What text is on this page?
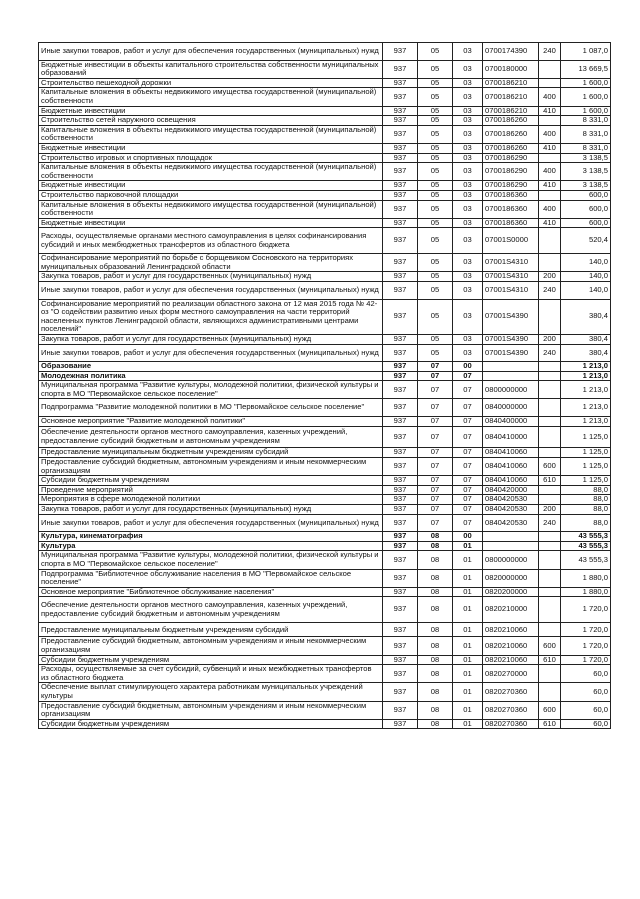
Иные закупки товаров, работ и услуг для обеспечения государственных (муниципальных) нужд	937	05	03	0700174390	240	1 087,0
Бюджетные инвестиции в объекты капитального строительства собственности муниципальных образований	937	05	03	0700180000		13 669,5
Строительство пешеходной дорожки	937	05	03	0700186210		1 600,0
Капитальные вложения в объекты недвижимого имущества государственной (муниципальной) собственности	937	05	03	0700186210	400	1 600,0
Бюджетные инвестиции	937	05	03	0700186210	410	1 600,0
Строительство сетей наружного освещения	937	05	03	0700186260		8 331,0
Капитальные вложения в объекты недвижимого имущества государственной (муниципальной) собственности	937	05	03	0700186260	400	8 331,0
Бюджетные инвестиции	937	05	03	0700186260	410	8 331,0
Строительство игровых и спортивных площадок	937	05	03	0700186290		3 138,5
Капитальные вложения в объекты недвижимого имущества государственной (муниципальной) собственности	937	05	03	0700186290	400	3 138,5
Бюджетные инвестиции	937	05	03	0700186290	410	3 138,5
Строительство парковочной площадки	937	05	03	0700186360		600,0
Капитальные вложения в объекты недвижимого имущества государственной (муниципальной) собственности	937	05	03	0700186360	400	600,0
Бюджетные инвестиции	937	05	03	0700186360	410	600,0
Расходы, осуществляемые органами местного самоуправления в целях софинансирования субсидий и иных межбюджетных трансфертов из областного бюджета	937	05	03	07001S0000		520,4
Софинансирование мероприятий по борьбе с борщевиком Сосновского на территориях муниципальных образований Ленинградской области	937	05	03	07001S4310		140,0
Закупка товаров, работ и услуг для государственных (муниципальных) нужд	937	05	03	07001S4310	200	140,0
Иные закупки товаров, работ и услуг для обеспечения государственных (муниципальных) нужд	937	05	03	07001S4310	240	140,0
Софинансирование мероприятий по реализации областного закона от 12 мая 2015 года № 42-оз "О содействии развитию иных форм местного самоуправления на части территорий населенных пунктов Ленинградской области, являющихся административными центрами поселений"	937	05	03	07001S4390		380,4
Закупка товаров, работ и услуг для государственных (муниципальных) нужд	937	05	03	07001S4390	200	380,4
Иные закупки товаров, работ и услуг для обеспечения государственных (муниципальных) нужд	937	05	03	07001S4390	240	380,4
Образование	937	07	00			1 213,0
Молодежная политика	937	07	07			1 213,0
Муниципальная программа "Развитие культуры, молодежной политики, физической культуры и спорта в МО "Первомайское сельское поселение"	937	07	07	0800000000		1 213,0
Подпрограмма "Развитие молодежной политики в МО "Первомайское сельское поселение"	937	07	07	0840000000		1 213,0
Основное мероприятие "Развитие молодежной политики"	937	07	07	0840400000		1 213,0
Обеспечение деятельности органов местного самоуправления, казенных учреждений, предоставление субсидий бюджетным и автономным учреждениям	937	07	07	0840410000		1 125,0
Предоставление муниципальным бюджетным учреждениям субсидий	937	07	07	0840410060		1 125,0
Предоставление субсидий бюджетным, автономным учреждениям и иным некоммерческим организациям	937	07	07	0840410060	600	1 125,0
Субсидии бюджетным учреждениям	937	07	07	0840410060	610	1 125,0
Проведение мероприятий	937	07	07	0840420000		88,0
Мероприятия в сфере молодежной политики	937	07	07	0840420530		88,0
Закупка товаров, работ и услуг для государственных (муниципальных) нужд	937	07	07	0840420530	200	88,0
Иные закупки товаров, работ и услуг для обеспечения государственных (муниципальных) нужд	937	07	07	0840420530	240	88,0
Культура, кинематография	937	08	00			43 555,3
Культура	937	08	01			43 555,3
Муниципальная программа "Развитие культуры, молодежной политики, физической культуры и спорта в МО "Первомайское сельское поселение"	937	08	01	0800000000		43 555,3
Подпрограмма "Библиотечное обслуживание населения в МО "Первомайское сельское поселение"	937	08	01	0820000000		1 880,0
Основное мероприятие "Библиотечное обслуживание населения"	937	08	01	0820200000		1 880,0
Обеспечение деятельности органов местного самоуправления, казенных учреждений, предоставление субсидий бюджетным и автономным учреждениям	937	08	01	0820210000		1 720,0
Предоставление муниципальным бюджетным учреждениям субсидий	937	08	01	0820210060		1 720,0
Предоставление субсидий бюджетным, автономным учреждениям и иным некоммерческим организациям	937	08	01	0820210060	600	1 720,0
Субсидии бюджетным учреждениям	937	08	01	0820210060	610	1 720,0
Расходы, осуществляемые за счет субсидий, субвенций и иных межбюджетных трансфертов из областного бюджета	937	08	01	0820270000		60,0
Обеспечение выплат стимулирующего характера работникам муниципальных учреждений культуры	937	08	01	0820270360		60,0
Предоставление субсидий бюджетным, автономным учреждениям и иным некоммерческим организациям	937	08	01	0820270360	600	60,0
Субсидии бюджетным учреждениям	937	08	01	0820270360	610	60,0
